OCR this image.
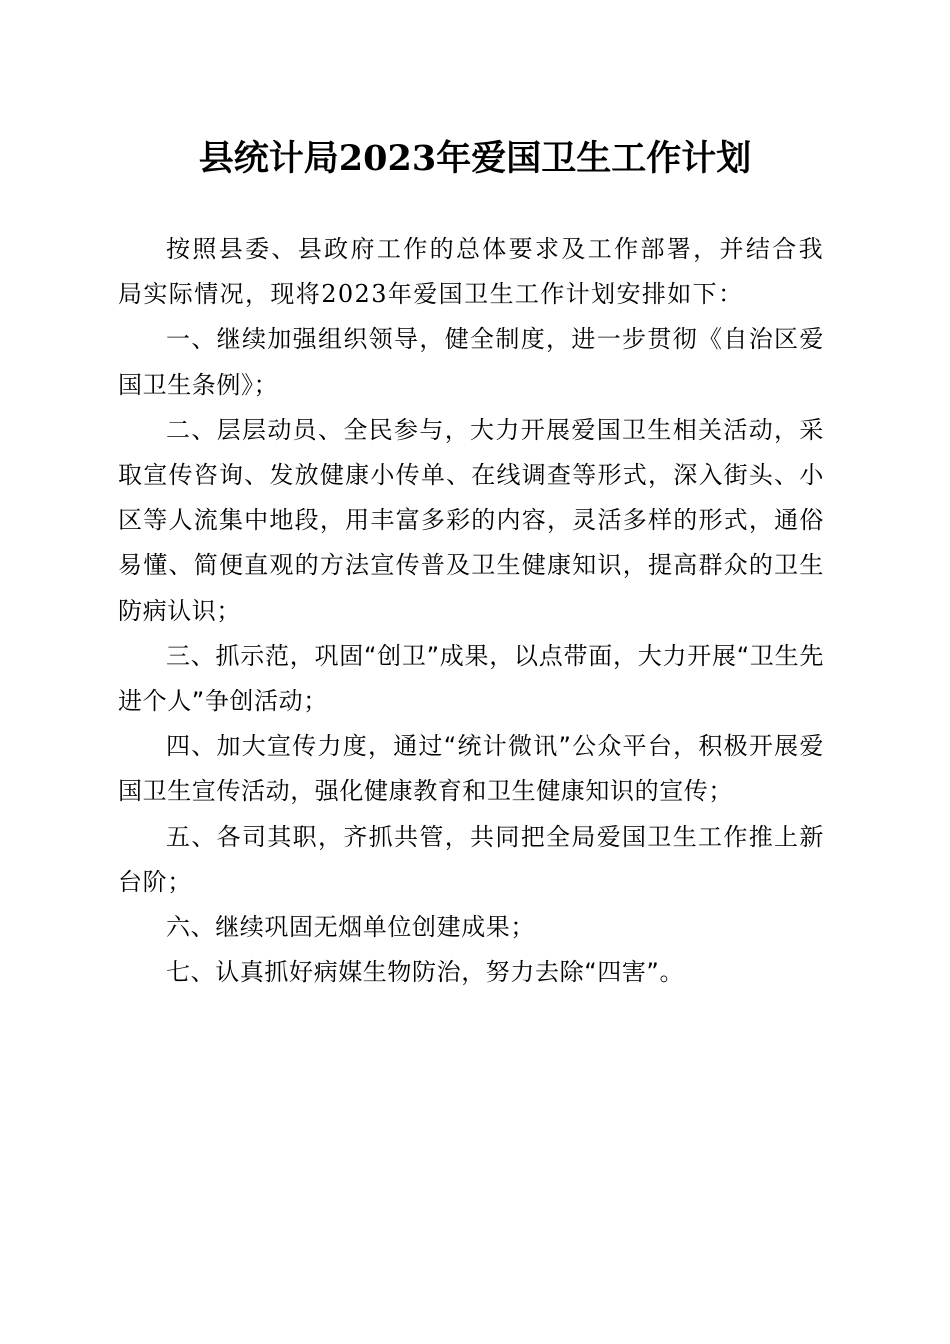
县统计局2023年爱国卫生工作计划

按照县委、县政府工作的总体要求及工作部署，并结合我局实际情况，现将2023年爱国卫生工作计划安排如下：

一、继续加强组织领导，健全制度，进一步贯彻《自治区爱国卫生条例》；

二、层层动员、全民参与，大力开展爱国卫生相关活动，采取宣传咨询、发放健康小传单、在线调查等形式，深入街头、小区等人流集中地段，用丰富多彩的内容，灵活多样的形式，通俗易懂、简便直观的方法宣传普及卫生健康知识，提高群众的卫生防病认识；

三、抓示范，巩固“创卫”成果，以点带面，大力开展“卫生先进个人”争创活动；

四、加大宣传力度，通过“统计微讯”公众平台，积极开展爱国卫生宣传活动，强化健康教育和卫生健康知识的宣传；

五、各司其职，齐抓共管，共同把全局爱国卫生工作推上新台阶；

六、继续巩固无烟单位创建成果；

七、认真抓好病媒生物防治，努力去除“四害”。
